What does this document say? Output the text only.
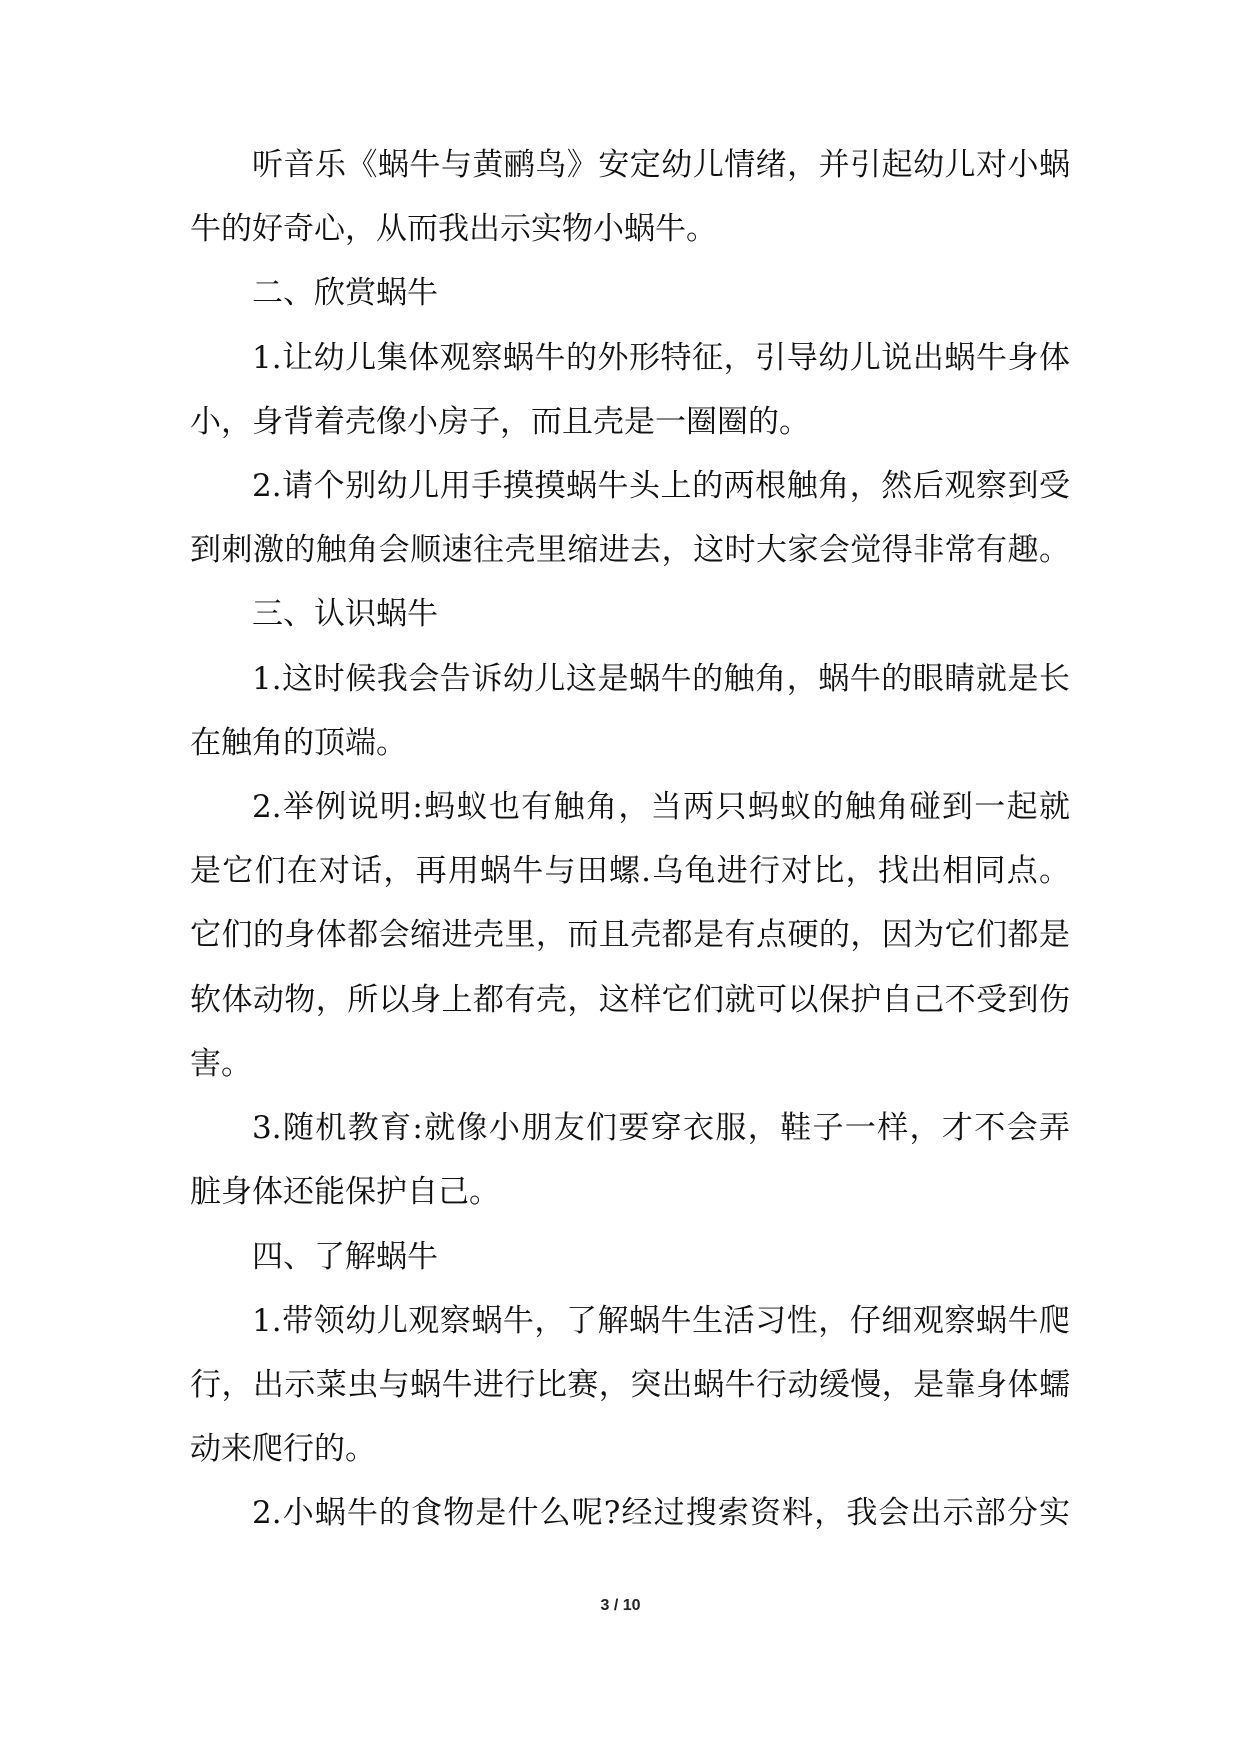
听音乐《蜗牛与黄鹂鸟》安定幼儿情绪，并引起幼儿对小蜗
牛的好奇心，从而我出示实物小蜗牛。
二、欣赏蜗牛
1.让幼儿集体观察蜗牛的外形特征，引导幼儿说出蜗牛身体
小，身背着壳像小房子，而且壳是一圈圈的。
2.请个别幼儿用手摸摸蜗牛头上的两根触角，然后观察到受
到刺激的触角会顺速往壳里缩进去，这时大家会觉得非常有趣。
三、认识蜗牛
1.这时候我会告诉幼儿这是蜗牛的触角，蜗牛的眼睛就是长
在触角的顶端。
2.举例说明:蚂蚁也有触角，当两只蚂蚁的触角碰到一起就
是它们在对话，再用蜗牛与田螺.乌龟进行对比，找出相同点。
它们的身体都会缩进壳里，而且壳都是有点硬的，因为它们都是
软体动物，所以身上都有壳，这样它们就可以保护自己不受到伤
害。
3.随机教育:就像小朋友们要穿衣服，鞋子一样，才不会弄
脏身体还能保护自己。
四、了解蜗牛
1.带领幼儿观察蜗牛，了解蜗牛生活习性，仔细观察蜗牛爬
行，出示菜虫与蜗牛进行比赛，突出蜗牛行动缓慢，是靠身体蠕
动来爬行的。
2.小蜗牛的食物是什么呢?经过搜索资料，我会出示部分实
3 / 10
